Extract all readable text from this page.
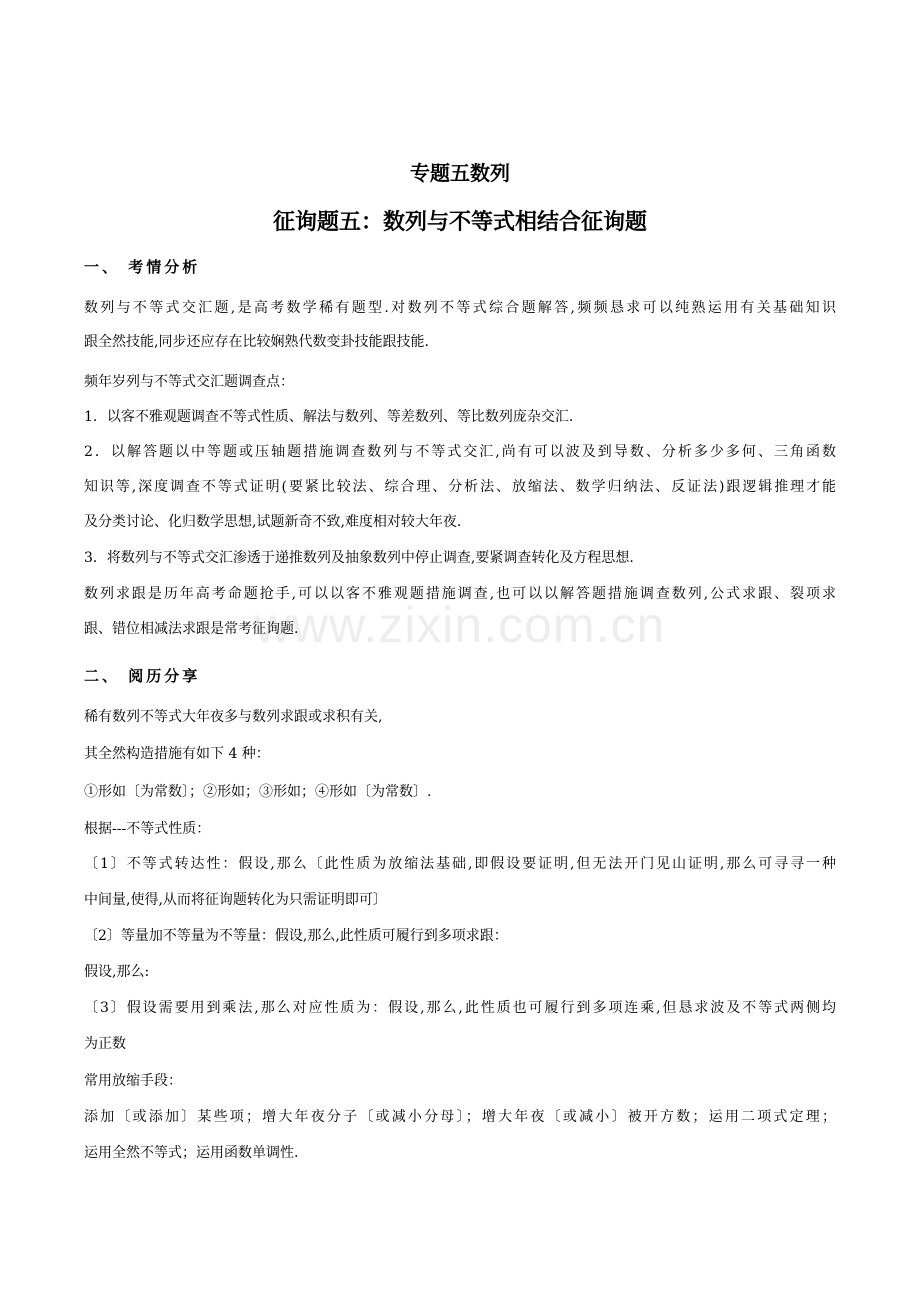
www.zixin.com.cn
专题五数列
征询题五：数列与不等式相结合征询题
一、 考情分析
数列与不等式交汇题,是高考数学稀有题型.对数列不等式综合题解答,频频恳求可以纯熟运用有关基础知识
跟全然技能,同步还应存在比较娴熟代数变卦技能跟技能.
频年岁列与不等式交汇题调查点：
1．以客不雅观题调查不等式性质、解法与数列、等差数列、等比数列庞杂交汇.
2．以解答题以中等题或压轴题措施调查数列与不等式交汇,尚有可以波及到导数、分析多少多何、三角函数
知识等,深度调查不等式证明(要紧比较法、综合理、分析法、放缩法、数学归纳法、反证法)跟逻辑推理才能
及分类讨论、化归数学思想,试题新奇不致,难度相对较大年夜.
3．将数列与不等式交汇渗透于递推数列及抽象数列中停止调查,要紧调查转化及方程思想.
数列求跟是历年高考命题抢手,可以以客不雅观题措施调查,也可以以解答题措施调查数列,公式求跟、裂项求
跟、错位相减法求跟是常考征询题.
二、 阅历分享
稀有数列不等式大年夜多与数列求跟或求积有关,
其全然构造措施有如下 4 种：
①形如〔为常数〕；②形如；③形如；④形如〔为常数〕.
根据---不等式性质：
〔1〕不等式转达性：假设,那么〔此性质为放缩法基础,即假设要证明,但无法开门见山证明,那么可寻寻一种
中间量,使得,从而将征询题转化为只需证明即可〕
〔2〕等量加不等量为不等量：假设,那么,此性质可履行到多项求跟：
假设,那么:
〔3〕假设需要用到乘法,那么对应性质为：假设,那么,此性质也可履行到多项连乘,但恳求波及不等式两侧均
为正数
常用放缩手段：
添加〔或添加〕某些项；增大年夜分子〔或减小分母〕；增大年夜〔或减小〕被开方数；运用二项式定理；
运用全然不等式；运用函数单调性.
